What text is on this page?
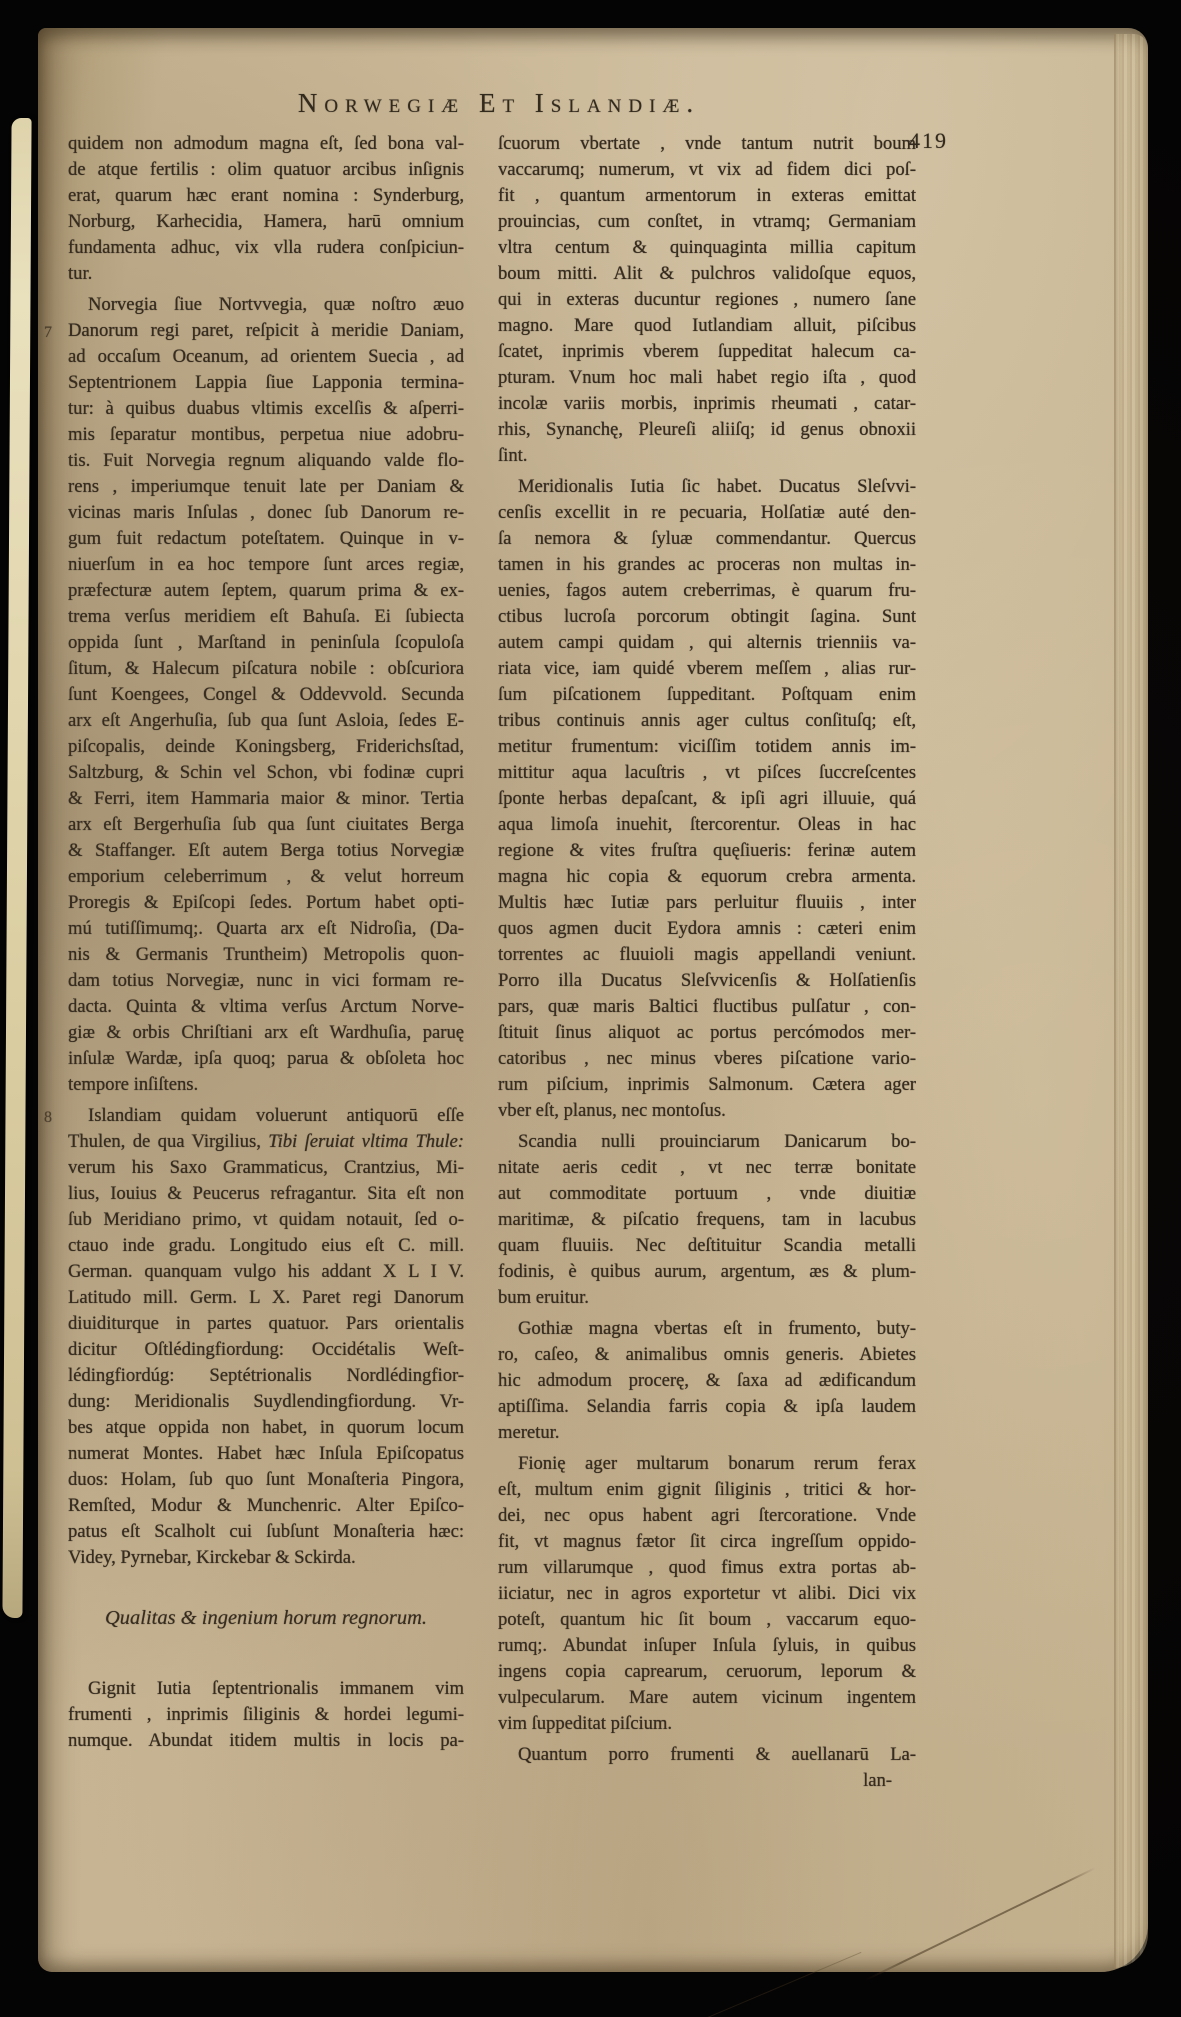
Norwegiæ Et Islandiæ.
419
quidem non admodum magna eſt, ſed bona val-
de atque fertilis : olim quatuor arcibus inſignis
erat, quarum hæc erant nomina : Synderburg,
Norburg, Karhecidia, Hamera, harū omnium
fundamenta adhuc, vix vlla rudera conſpiciun-
tur.
Norvegia ſiue Nortvvegia, quæ noſtro æuo
Danorum regi paret, reſpicit à meridie Daniam,
ad occaſum Oceanum, ad orientem Suecia , ad
Septentrionem Lappia ſiue Lapponia termina-
tur: à quibus duabus vltimis excelſis & aſperri-
mis ſeparatur montibus, perpetua niue adobru-
tis. Fuit Norvegia regnum aliquando valde flo-
rens , imperiumque tenuit late per Daniam &
vicinas maris Inſulas , donec ſub Danorum re-
gum fuit redactum poteſtatem. Quinque in v-
niuerſum in ea hoc tempore ſunt arces regiæ,
præfecturæ autem ſeptem, quarum prima & ex-
trema verſus meridiem eſt Bahuſa. Ei ſubiecta
oppida ſunt , Marſtand in peninſula ſcopuloſa
ſitum, & Halecum piſcatura nobile : obſcuriora
ſunt Koengees, Congel & Oddevvold. Secunda
arx eſt Angerhuſia, ſub qua ſunt Asloia, ſedes E-
piſcopalis, deinde Koningsberg, Friderichsſtad,
Saltzburg, & Schin vel Schon, vbi fodinæ cupri
& Ferri, item Hammaria maior & minor. Tertia
arx eſt Bergerhuſia ſub qua ſunt ciuitates Berga
& Staffanger. Eſt autem Berga totius Norvegiæ
emporium celeberrimum , & velut horreum
Proregis & Epiſcopi ſedes. Portum habet opti-
mú tutiſſimumq;. Quarta arx eſt Nidroſia, (Da-
nis & Germanis Truntheim) Metropolis quon-
dam totius Norvegiæ, nunc in vici formam re-
dacta. Quinta & vltima verſus Arctum Norve-
giæ & orbis Chriſtiani arx eſt Wardhuſia, paruę
inſulæ Wardæ, ipſa quoq; parua & obſoleta hoc
tempore inſiſtens.
7
Islandiam quidam voluerunt antiquorū eſſe
Thulen, de qua Virgilius, Tibi ſeruiat vltima Thule:
verum his Saxo Grammaticus, Crantzius, Mi-
lius, Iouius & Peucerus refragantur. Sita eſt non
ſub Meridiano primo, vt quidam notauit, ſed o-
ctauo inde gradu. Longitudo eius eſt C. mill.
German. quanquam vulgo his addant X L I V.
Latitudo mill. Germ. L X. Paret regi Danorum
diuiditurque in partes quatuor. Pars orientalis
dicitur Oſtlédingfiordung: Occidétalis Weſt-
lédingfiordúg: Septétrionalis Nordlédingfior-
dung: Meridionalis Suydlendingfiordung. Vr-
bes atque oppida non habet, in quorum locum
numerat Montes. Habet hæc Inſula Epiſcopatus
duos: Holam, ſub quo ſunt Monaſteria Pingora,
Remſted, Modur & Munchenric. Alter Epiſco-
patus eſt Scalholt cui ſubſunt Monaſteria hæc:
Videy, Pyrnebar, Kirckebar & Sckirda.
8
Qualitas & ingenium horum regnorum.
Gignit Iutia ſeptentrionalis immanem vim
frumenti , inprimis ſiliginis & hordei legumi-
numque. Abundat itidem multis in locis pa-
ſcuorum vbertate , vnde tantum nutrit boum
vaccarumq; numerum, vt vix ad fidem dici poſ-
fit , quantum armentorum in exteras emittat
prouincias, cum conſtet, in vtramq; Germaniam
vltra centum & quinquaginta millia capitum
boum mitti. Alit & pulchros validoſque equos,
qui in exteras ducuntur regiones , numero ſane
magno. Mare quod Iutlandiam alluit, piſcibus
ſcatet, inprimis vberem ſuppeditat halecum ca-
pturam. Vnum hoc mali habet regio iſta , quod
incolæ variis morbis, inprimis rheumati , catar-
rhis, Synanchę, Pleureſi aliiſq; id genus obnoxii
ſint.
Meridionalis Iutia ſic habet. Ducatus Sleſvvi-
cenſis excellit in re pecuaria, Holſatiæ auté den-
ſa nemora & ſyluæ commendantur. Quercus
tamen in his grandes ac proceras non multas in-
uenies, fagos autem creberrimas, è quarum fru-
ctibus lucroſa porcorum obtingit ſagina. Sunt
autem campi quidam , qui alternis trienniis va-
riata vice, iam quidé vberem meſſem , alias rur-
ſum piſcationem ſuppeditant. Poſtquam enim
tribus continuis annis ager cultus conſituſq; eſt,
metitur frumentum: viciſſim totidem annis im-
mittitur aqua lacuſtris , vt piſces ſuccreſcentes
ſponte herbas depaſcant, & ipſi agri illuuie, quá
aqua limoſa inuehit, ſtercorentur. Oleas in hac
regione & vites fruſtra quęſiueris: ferinæ autem
magna hic copia & equorum crebra armenta.
Multis hæc Iutiæ pars perluitur fluuiis , inter
quos agmen ducit Eydora amnis : cæteri enim
torrentes ac fluuioli magis appellandi veniunt.
Porro illa Ducatus Sleſvvicenſis & Holſatienſis
pars, quæ maris Baltici fluctibus pulſatur , con-
ſtituit ſinus aliquot ac portus percómodos mer-
catoribus , nec minus vberes piſcatione vario-
rum piſcium, inprimis Salmonum. Cætera ager
vber eſt, planus, nec montoſus.
Scandia nulli prouinciarum Danicarum bo-
nitate aeris cedit , vt nec terræ bonitate
aut commoditate portuum , vnde diuitiæ
maritimæ, & piſcatio frequens, tam in lacubus
quam fluuiis. Nec deſtituitur Scandia metalli
fodinis, è quibus aurum, argentum, æs & plum-
bum eruitur.
Gothiæ magna vbertas eſt in frumento, buty-
ro, caſeo, & animalibus omnis generis. Abietes
hic admodum procerę, & ſaxa ad ædificandum
aptiſſima. Selandia farris copia & ipſa laudem
meretur.
Fionię ager multarum bonarum rerum ferax
eſt, multum enim gignit ſiliginis , tritici & hor-
dei, nec opus habent agri ſtercoratione. Vnde
fit, vt magnus fætor ſit circa ingreſſum oppido-
rum villarumque , quod fimus extra portas ab-
iiciatur, nec in agros exportetur vt alibi. Dici vix
poteſt, quantum hic ſit boum , vaccarum equo-
rumq;. Abundat inſuper Inſula ſyluis, in quibus
ingens copia caprearum, ceruorum, leporum &
vulpecularum. Mare autem vicinum ingentem
vim ſuppeditat piſcium.
Quantum porro frumenti & auellanarū La-
lan-
